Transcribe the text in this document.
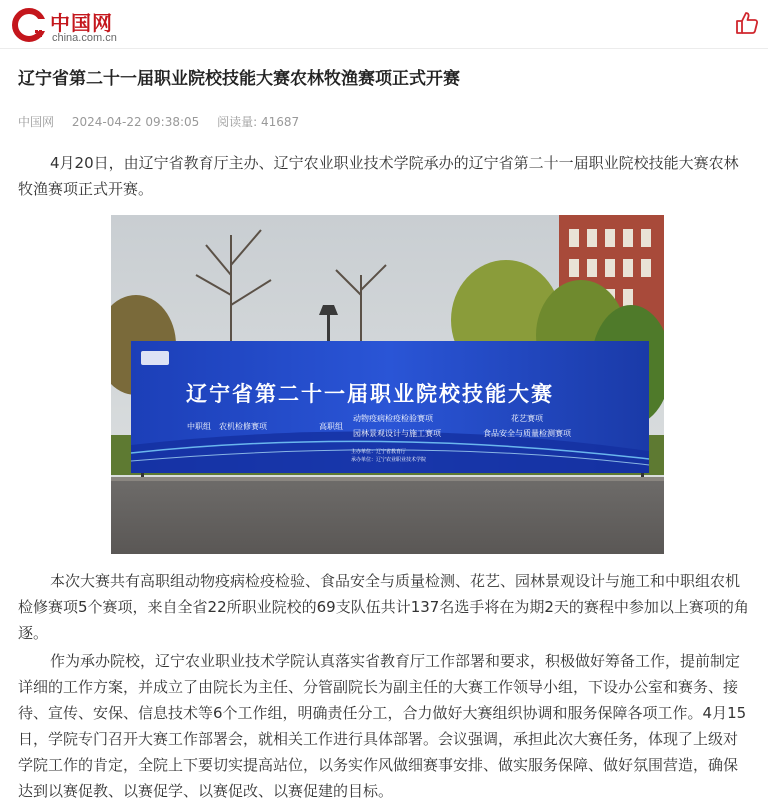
中国网
china.com.cn
辽宁省第二十一届职业院校技能大赛农林牧渔赛项正式开赛
中国网 2024-04-22 09:38:05 阅读量: 41687

4月20日，由辽宁省教育厅主办、辽宁农业职业技术学院承办的辽宁省第二十一届职业院校技能大赛农林牧渔赛项正式开赛。

辽宁省第二十一届职业院校技能大赛
中职组 农机检修赛项	高职组
动物疫病检疫检验赛项
园林景观设计与施工赛项
花艺赛项
食品安全与质量检测赛项
主办单位：辽宁省教育厅
承办单位：辽宁农业职业技术学院

本次大赛共有高职组动物疫病检疫检验、食品安全与质量检测、花艺、园林景观设计与施工和中职组农机检修赛项5个赛项，来自全省22所职业院校的69支队伍共计137名选手将在为期2天的赛程中参加以上赛项的角逐。

作为承办院校，辽宁农业职业技术学院认真落实省教育厅工作部署和要求，积极做好筹备工作，提前制定详细的工作方案，并成立了由院长为主任、分管副院长为副主任的大赛工作领导小组，下设办公室和赛务、接待、宣传、安保、信息技术等6个工作组，明确责任分工，合力做好大赛组织协调和服务保障各项工作。4月15日，学院专门召开大赛工作部署会，就相关工作进行具体部署。会议强调，承担此次大赛任务，体现了上级对学院工作的肯定，全院上下要切实提高站位，以务实作风做细赛事安排、做实服务保障、做好氛围营造，确保达到以赛促教、以赛促学、以赛促改、以赛促建的目标。
